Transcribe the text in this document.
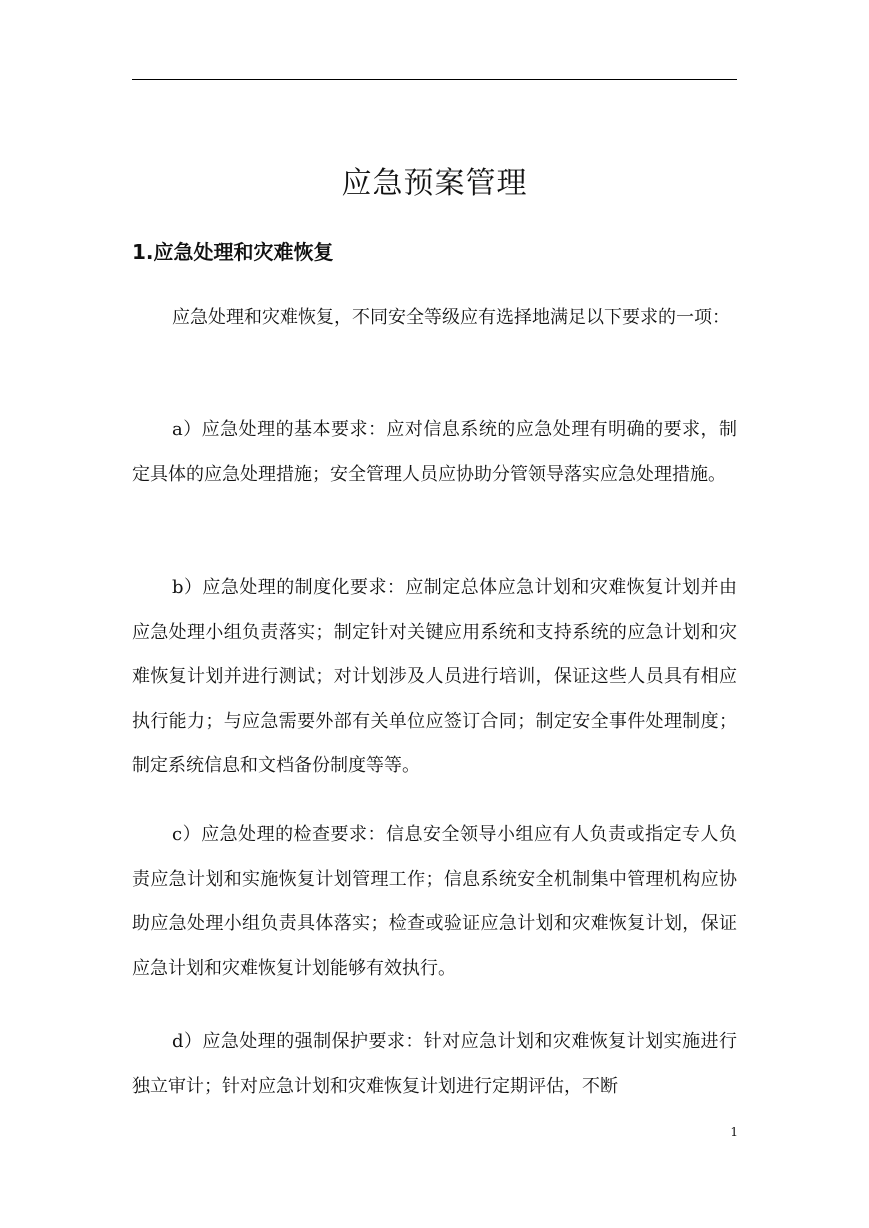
应急预案管理
1.应急处理和灾难恢复

应急处理和灾难恢复，不同安全等级应有选择地满足以下要求的一项：

a）应急处理的基本要求：应对信息系统的应急处理有明确的要求，制定具体的应急处理措施；安全管理人员应协助分管领导落实应急处理措施。

b）应急处理的制度化要求：应制定总体应急计划和灾难恢复计划并由应急处理小组负责落实；制定针对关键应用系统和支持系统的应急计划和灾难恢复计划并进行测试；对计划涉及人员进行培训，保证这些人员具有相应执行能力；与应急需要外部有关单位应签订合同；制定安全事件处理制度；制定系统信息和文档备份制度等等。

c）应急处理的检查要求：信息安全领导小组应有人负责或指定专人负责应急计划和实施恢复计划管理工作；信息系统安全机制集中管理机构应协助应急处理小组负责具体落实；检查或验证应急计划和灾难恢复计划，保证应急计划和灾难恢复计划能够有效执行。

d）应急处理的强制保护要求：针对应急计划和灾难恢复计划实施进行独立审计；针对应急计划和灾难恢复计划进行定期评估，不断

1
